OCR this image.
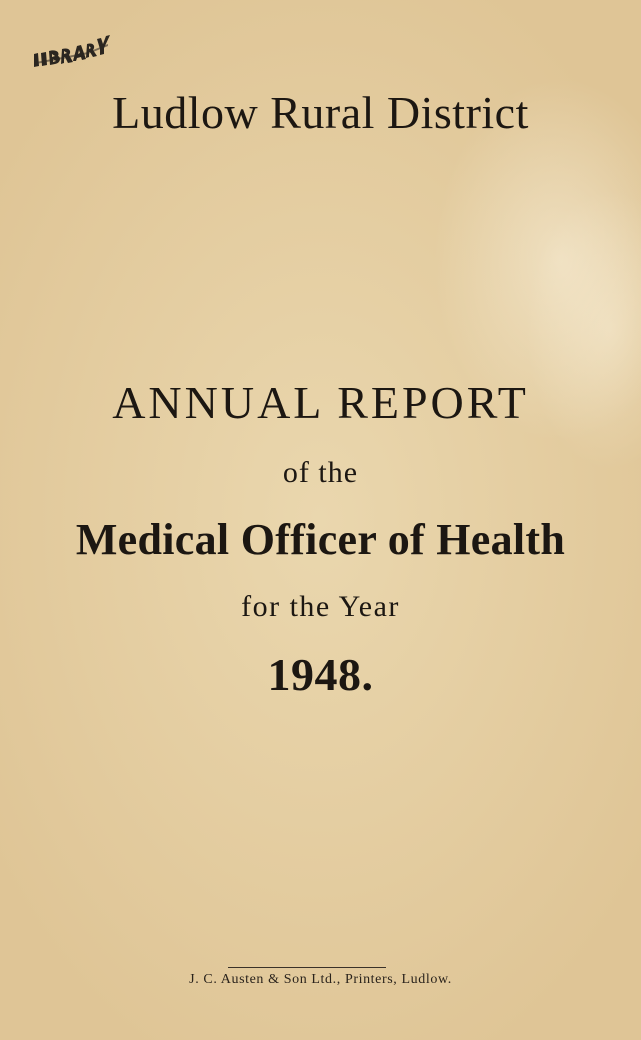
Ludlow Rural District
ANNUAL REPORT
of the
Medical Officer of Health
for the Year
1948.
J. C. Austen & Son Ltd., Printers, Ludlow.
